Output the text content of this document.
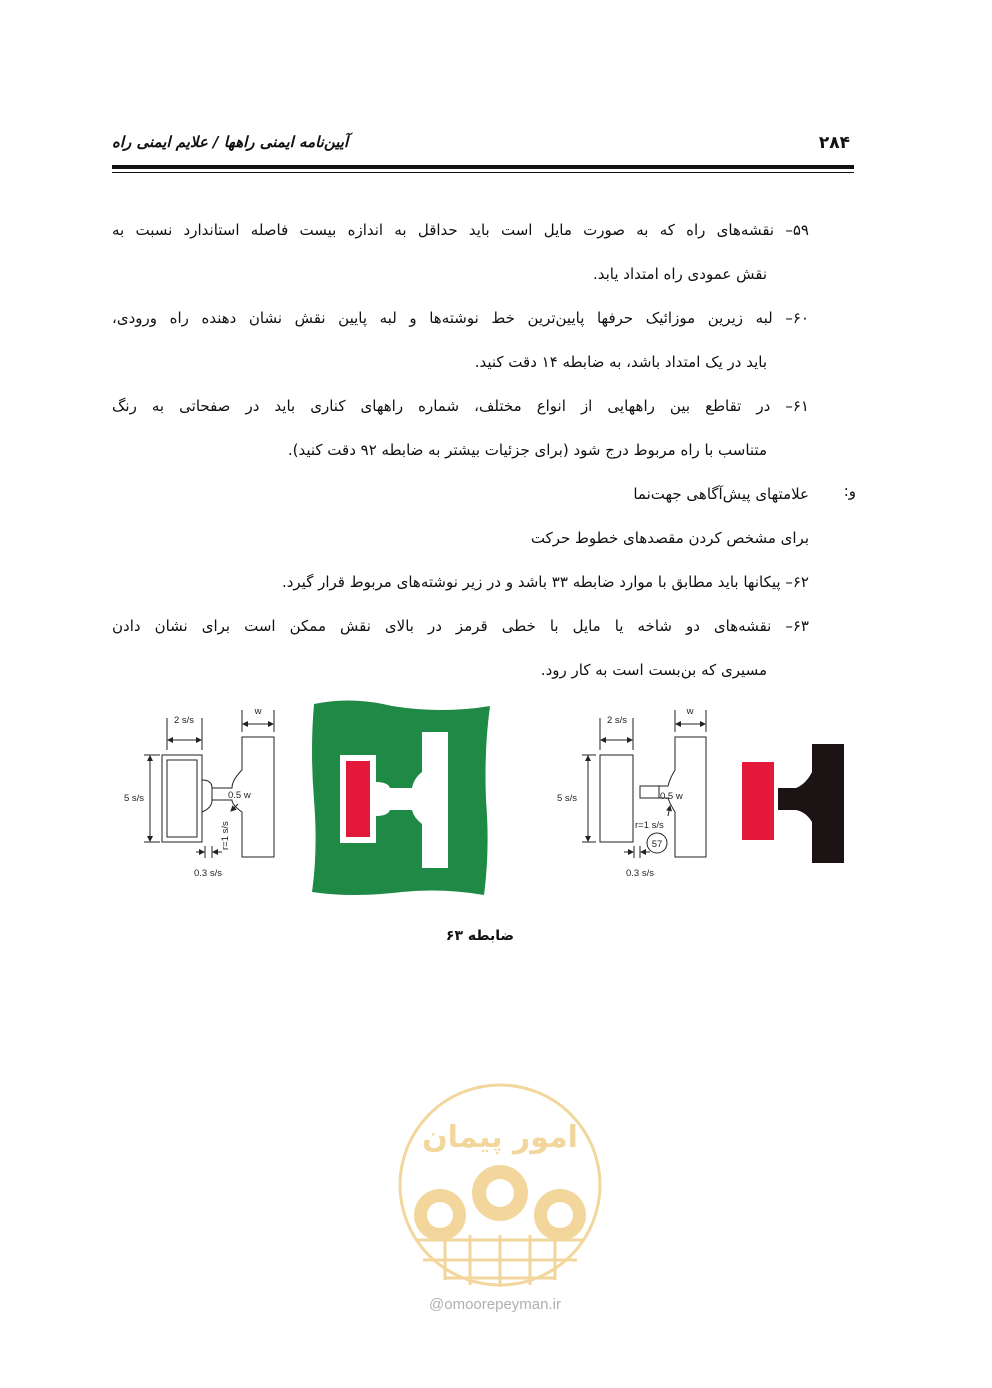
آیین‌نامه ایمنی راهها / علایم ایمنی راه	۲۸۴
۵۹– نقشه‌های راه که به صورت مایل است باید حداقل به اندازه بیست فاصله استاندارد نسبت به
نقش عمودی راه امتداد یابد.
۶۰– لبه زیرین موزائیک حرفها پایین‌ترین خط نوشته‌ها و لبه پایین نقش نشان دهنده راه ورودی،
باید در یک امتداد باشد، به ضابطه ۱۴ دقت کنید.
۶۱– در تقاطع بین راههایی از انواع مختلف، شماره راههای کناری باید در صفحاتی به رنگ
متناسب با راه مربوط درج شود (برای جزئیات بیشتر به ضابطه ۹۲ دقت کنید).
و:
علامتهای پیش‌آگاهی جهت‌نما
برای مشخص کردن مقصدهای خطوط حرکت
۶۲– پیکانها باید مطابق با موارد ضابطه ۳۳ باشد و در زیر نوشته‌های مربوط قرار گیرد.
۶۳– نقشه‌های دو شاخه یا مایل با خطی قرمز در بالای نقش ممکن است برای نشان دادن
مسیری که بن‌بست است به کار رود.
2 s/s
w
5 s/s	0.5 w
r=1 s/s
0.3 s/s
2 s/s
w
5 s/s	0.5 w
r=1 s/s
57
0.3 s/s
ضابطه ۶۳
امور پیمان
@omoorepeyman.ir
